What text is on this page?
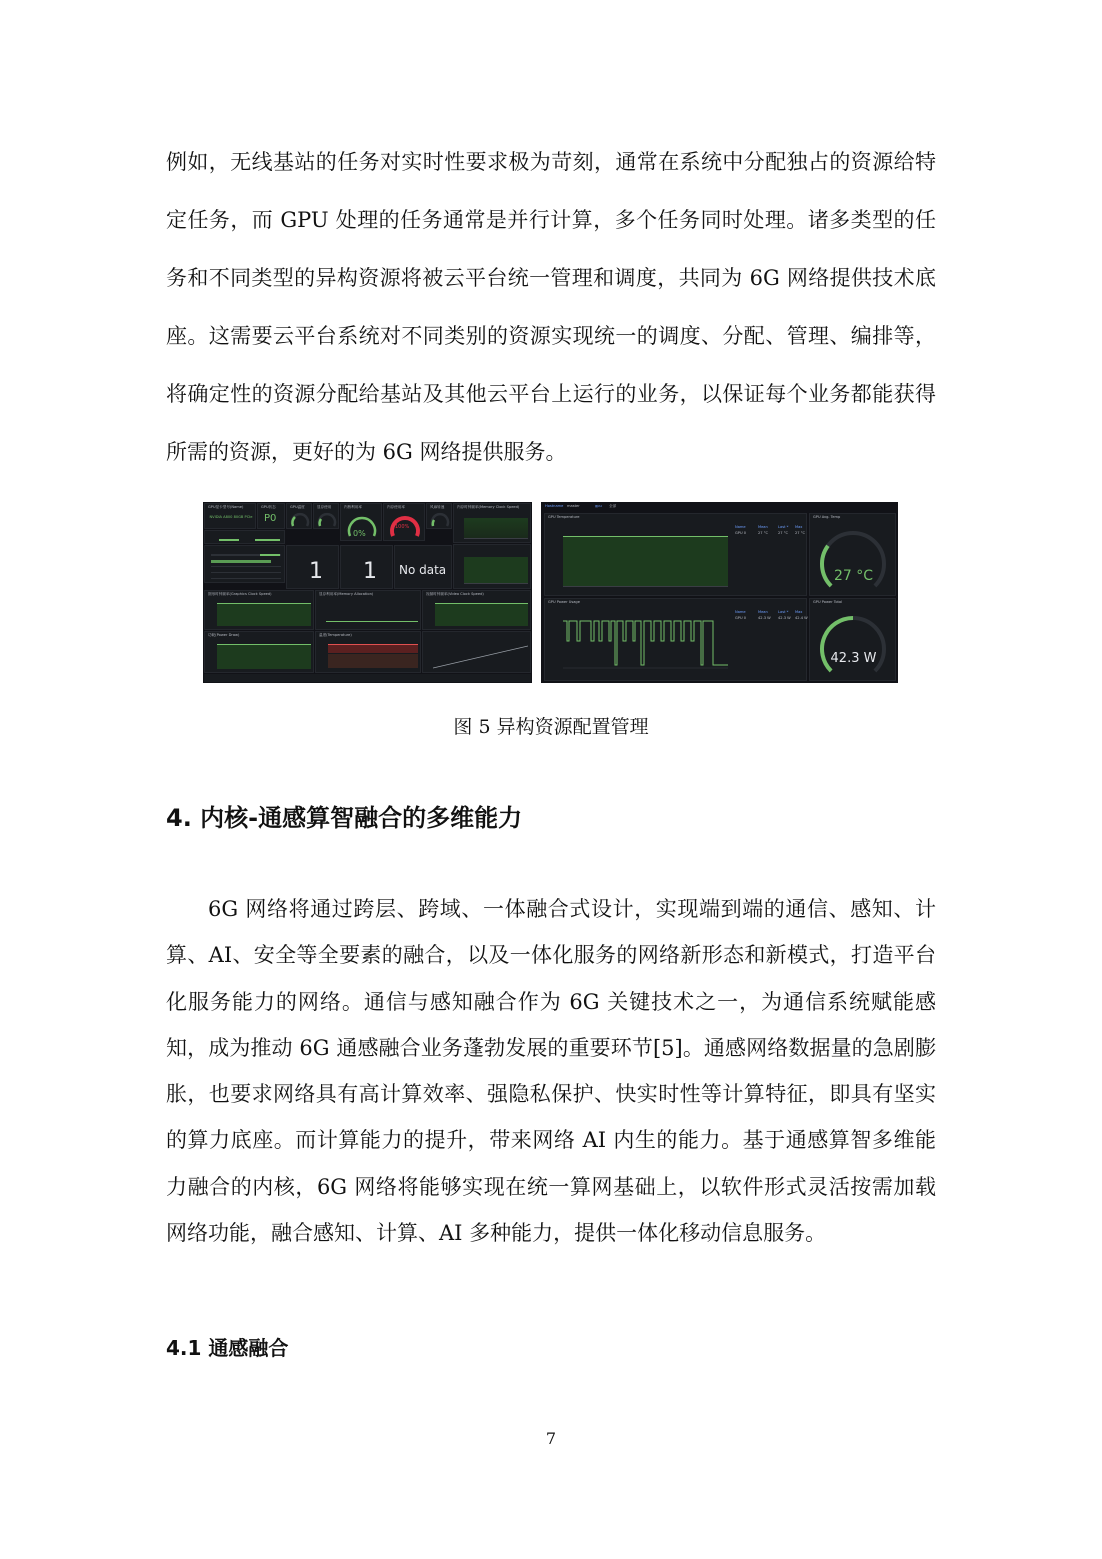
例如，无线基站的任务对实时性要求极为苛刻，通常在系统中分配独占的资源给特定任务，而 GPU 处理的任务通常是并行计算，多个任务同时处理。诸多类型的任务和不同类型的异构资源将被云平台统一管理和调度，共同为 6G 网络提供技术底座。这需要云平台系统对不同类别的资源实现统一的调度、分配、管理、编排等，将确定性的资源分配给基站及其他云平台上运行的业务，以保证每个业务都能获得所需的资源，更好的为 6G 网络提供服务。

GPU显卡型号(Name)
NVIDIA A800 80GB PCIe
GPU状态
P0
GPU温度	显存使用	内核利用率
0%
内存使用率
100%
风扇转速	内存时钟频率(Memory Clock Speed)
1 1 No data
图形时钟频率(Graphics Clock Speed)	显存利用率(Memory Allocation)	视频时钟频率(Video Clock Speed)
功耗(Power Draw)	温度(Temperature)
Hostname master	gpu 全部
GPU Temperature
Name	Mean	Last * Max
GPU 0	27 °C	27 °C 27 °C
GPU Avg. Temp
27 °C
GPU Power Usage
Name	Mean	Last * Max
GPU 0	42.3 W 42.3 W 42.4 W
GPU Power Total
42.3 W
图 5 异构资源配置管理
4. 内核-通感算智融合的多维能力

6G 网络将通过跨层、跨域、一体融合式设计，实现端到端的通信、感知、计算、AI、安全等全要素的融合，以及一体化服务的网络新形态和新模式，打造平台化服务能力的网络。通信与感知融合作为 6G 关键技术之一，为通信系统赋能感知，成为推动 6G 通感融合业务蓬勃发展的重要环节[5]。通感网络数据量的急剧膨胀，也要求网络具有高计算效率、强隐私保护、快实时性等计算特征，即具有坚实的算力底座。而计算能力的提升，带来网络 AI 内生的能力。基于通感算智多维能力融合的内核，6G 网络将能够实现在统一算网基础上，以软件形式灵活按需加载网络功能，融合感知、计算、AI 多种能力，提供一体化移动信息服务。

4.1 通感融合
7
